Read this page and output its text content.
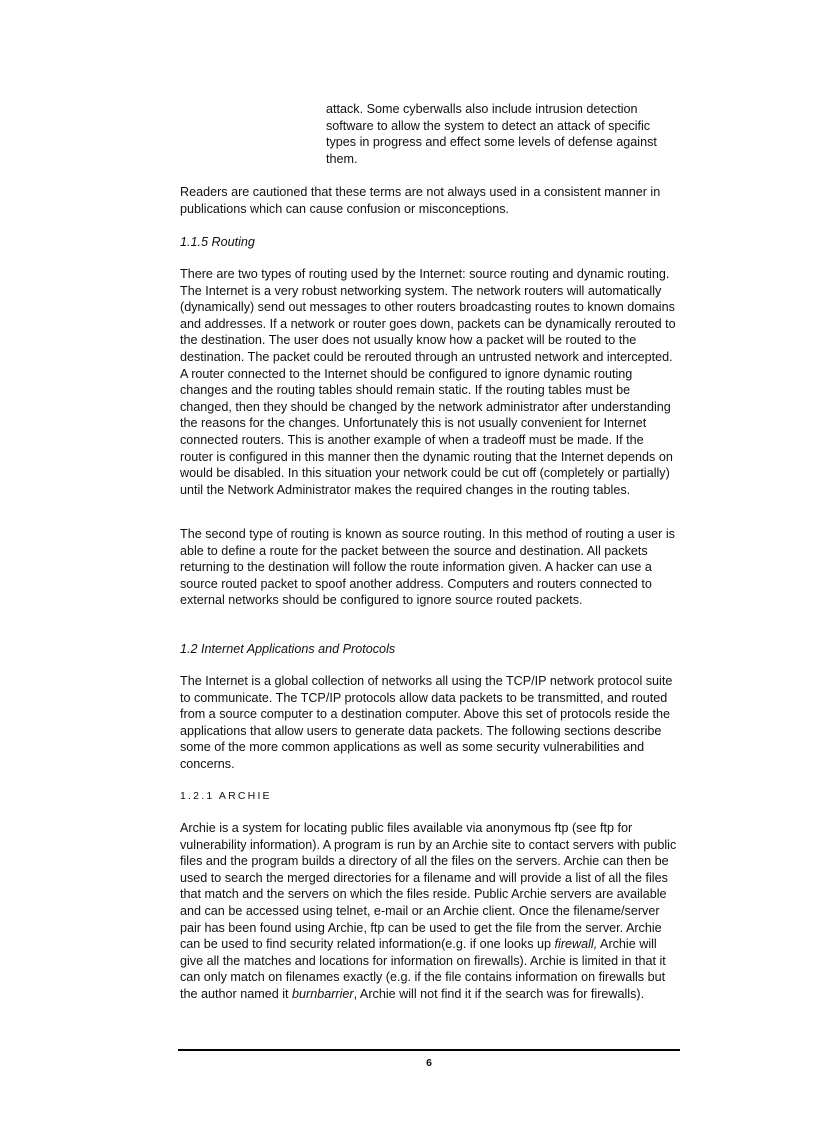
attack. Some cyberwalls also include intrusion detection software to allow the system to detect an attack of specific types in progress and effect some levels of defense against them.

Readers are cautioned that these terms are not always used in a consistent manner in publications which can cause confusion or misconceptions.

1.1.5 Routing

There are two types of routing used by the Internet: source routing and dynamic routing. The Internet is a very robust networking system. The network routers will automatically (dynamically) send out messages to other routers broadcasting routes to known domains and addresses. If a network or router goes down, packets can be dynamically rerouted to the destination. The user does not usually know how a packet will be routed to the destination. The packet could be rerouted through an untrusted network and intercepted. A router connected to the Internet should be configured to ignore dynamic routing changes and the routing tables should remain static. If the routing tables must be changed, then they should be changed by the network administrator after understanding the reasons for the changes. Unfortunately this is not usually convenient for Internet connected routers. This is another example of when a tradeoff must be made. If the router is configured in this manner then the dynamic routing that the Internet depends on would be disabled. In this situation your network could be cut off (completely or partially) until the Network Administrator makes the required changes in the routing tables.

The second type of routing is known as source routing. In this method of routing a user is able to define a route for the packet between the source and destination. All packets returning to the destination will follow the route information given. A hacker can use a source routed packet to spoof another address. Computers and routers connected to external networks should be configured to ignore source routed packets.

1.2 Internet Applications and Protocols

The Internet is a global collection of networks all using the TCP/IP network protocol suite to communicate. The TCP/IP protocols allow data packets to be transmitted, and routed from a source computer to a destination computer. Above this set of protocols reside the applications that allow users to generate data packets. The following sections describe some of the more common applications as well as some security vulnerabilities and concerns.

1.2.1 ARCHIE

Archie is a system for locating public files available via anonymous ftp (see ftp for vulnerability information). A program is run by an Archie site to contact servers with public files and the program builds a directory of all the files on the servers. Archie can then be used to search the merged directories for a filename and will provide a list of all the files that match and the servers on which the files reside. Public Archie servers are available and can be accessed using telnet, e-mail or an Archie client. Once the filename/server pair has been found using Archie, ftp can be used to get the file from the server. Archie can be used to find security related information(e.g. if one looks up firewall, Archie will give all the matches and locations for information on firewalls). Archie is limited in that it can only match on filenames exactly (e.g. if the file contains information on firewalls but the author named it burnbarrier, Archie will not find it if the search was for firewalls).

6
